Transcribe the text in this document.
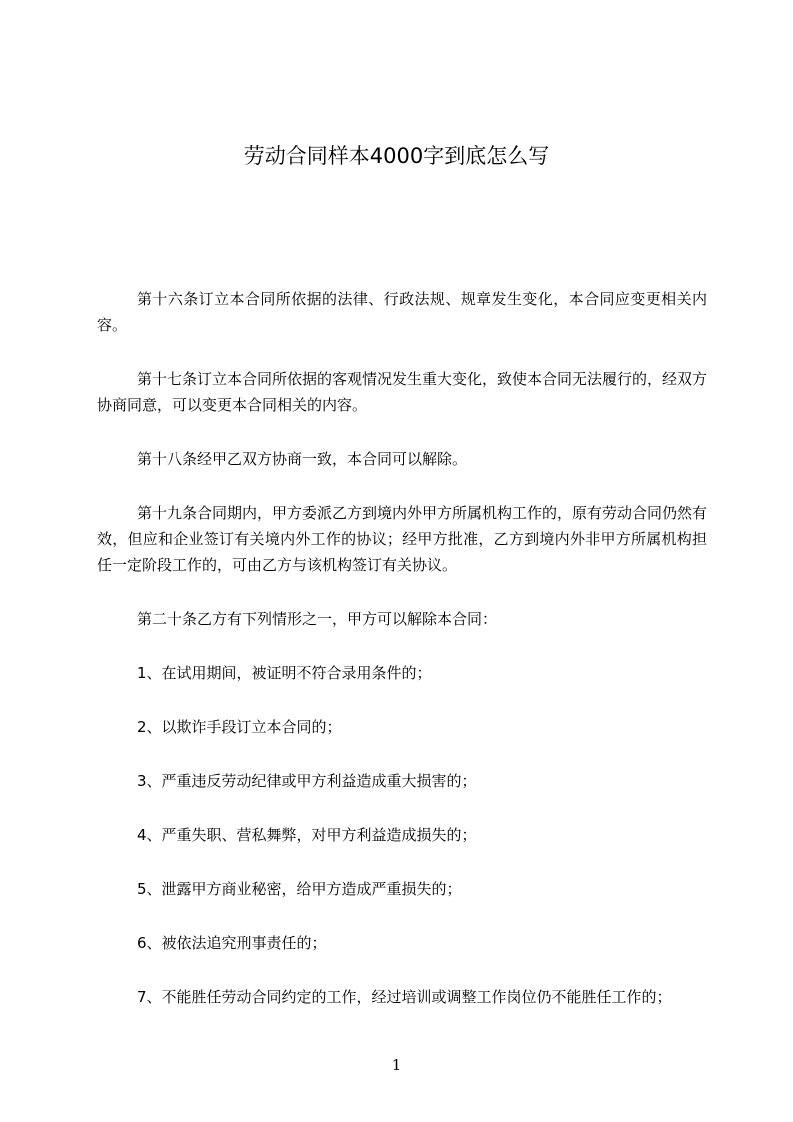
劳动合同样本4000字到底怎么写

第十六条订立本合同所依据的法律、行政法规、规章发生变化，本合同应变更相关内容。

第十七条订立本合同所依据的客观情况发生重大变化，致使本合同无法履行的，经双方协商同意，可以变更本合同相关的内容。

第十八条经甲乙双方协商一致，本合同可以解除。

第十九条合同期内，甲方委派乙方到境内外甲方所属机构工作的，原有劳动合同仍然有效，但应和企业签订有关境内外工作的协议；经甲方批准，乙方到境内外非甲方所属机构担任一定阶段工作的，可由乙方与该机构签订有关协议。

第二十条乙方有下列情形之一，甲方可以解除本合同：

1、在试用期间，被证明不符合录用条件的；

2、以欺诈手段订立本合同的；

3、严重违反劳动纪律或甲方利益造成重大损害的；

4、严重失职、营私舞弊，对甲方利益造成损失的；

5、泄露甲方商业秘密，给甲方造成严重损失的；

6、被依法追究刑事责任的；

7、不能胜任劳动合同约定的工作，经过培训或调整工作岗位仍不能胜任工作的；

1
